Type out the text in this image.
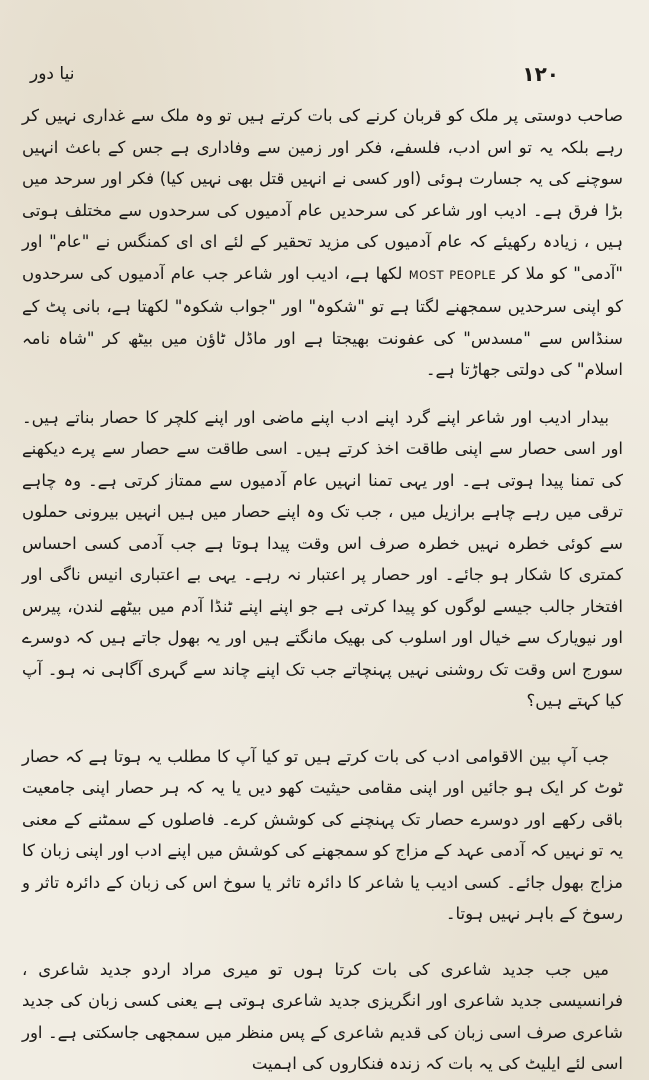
نیا دور	۱۲۰

صاحب دوستی پر ملک کو قربان کرنے کی بات کرتے ہیں تو وہ ملک سے غداری نہیں کر رہے بلکہ یہ تو اس ادب، فلسفے، فکر اور زمین سے وفاداری ہے جس کے باعث انہیں سوچنے کی یہ جسارت ہوئی (اور کسی نے انہیں قتل بھی نہیں کیا) فکر اور سرحد میں بڑا فرق ہے۔ ادیب اور شاعر کی سرحدیں عام آدمیوں کی سرحدوں سے مختلف ہوتی ہیں ، زیادہ رکھیئے کہ عام آدمیوں کی مزید تحقیر کے لئے ای ای کمنگس نے "عام" اور "آدمی" کو ملا کر MOST PEOPLE لکھا ہے، ادیب اور شاعر جب عام آدمیوں کی سرحدوں کو اپنی سرحدیں سمجھنے لگتا ہے تو "شکوہ" اور "جواب شکوہ" لکھتا ہے، بانی پٹ کے سنڈاس سے "مسدس" کی عفونت بھیجتا ہے اور ماڈل ٹاؤن میں بیٹھ کر "شاہ نامہ اسلام" کی دولتی جھاڑتا ہے۔

بیدار ادیب اور شاعر اپنے گرد اپنے ادب اپنے ماضی اور اپنے کلچر کا حصار بناتے ہیں۔ اور اسی حصار سے اپنی طاقت اخذ کرتے ہیں۔ اسی طاقت سے حصار سے پرے دیکھنے کی تمنا پیدا ہوتی ہے۔ اور یہی تمنا انہیں عام آدمیوں سے ممتاز کرتی ہے۔ وہ چاہے ترقی میں رہے چاہے برازیل میں ، جب تک وہ اپنے حصار میں ہیں انہیں بیرونی حملوں سے کوئی خطرہ نہیں خطرہ صرف اس وقت پیدا ہوتا ہے جب آدمی کسی احساس کمتری کا شکار ہو جائے۔ اور حصار پر اعتبار نہ رہے۔ یہی بے اعتباری انیس ناگی اور افتخار جالب جیسے لوگوں کو پیدا کرتی ہے جو اپنے اپنے ٹنڈا آدم میں بیٹھے لندن، پیرس اور نیویارک سے خیال اور اسلوب کی بھیک مانگتے ہیں اور یہ بھول جاتے ہیں کہ دوسرے سورج اس وقت تک روشنی نہیں پہنچاتے جب تک اپنے چاند سے گہری آگاہی نہ ہو۔ آپ کیا کہتے ہیں؟

جب آپ بین الاقوامی ادب کی بات کرتے ہیں تو کیا آپ کا مطلب یہ ہوتا ہے کہ حصار ٹوٹ کر ایک ہو جائیں اور اپنی مقامی حیثیت کھو دیں یا یہ کہ ہر حصار اپنی جامعیت باقی رکھے اور دوسرے حصار تک پہنچنے کی کوشش کرے۔ فاصلوں کے سمٹنے کے معنی یہ تو نہیں کہ آدمی عہد کے مزاج کو سمجھنے کی کوشش میں اپنے ادب اور اپنی زبان کا مزاج بھول جائے۔ کسی ادیب یا شاعر کا دائرہ تاثر یا سوخ اس کی زبان کے دائرہ تاثر و رسوخ کے باہر نہیں ہوتا۔

میں جب جدید شاعری کی بات کرتا ہوں تو میری مراد اردو جدید شاعری ، فرانسیسی جدید شاعری اور انگریزی جدید شاعری ہوتی ہے یعنی کسی زبان کی جدید شاعری صرف اسی زبان کی قدیم شاعری کے پس منظر میں سمجھی جاسکتی ہے۔ اور اسی لئے ایلیٹ کی یہ بات کہ زندہ فنکاروں کی اہمیت
